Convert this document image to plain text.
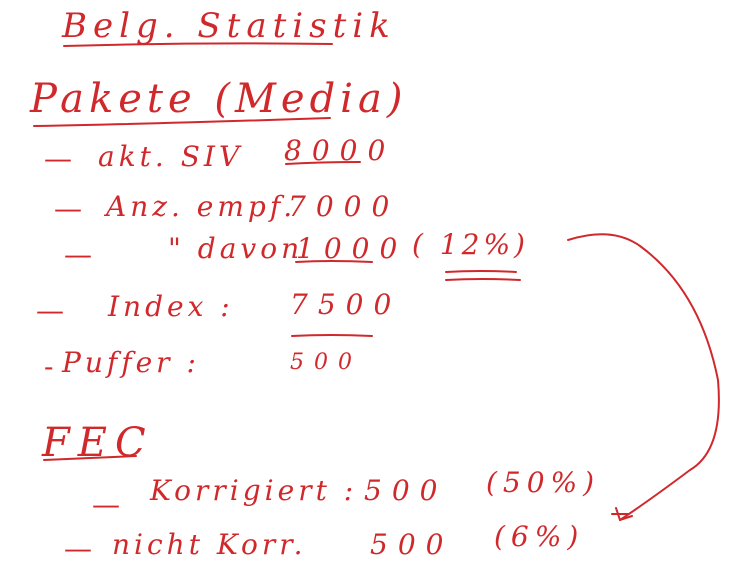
Belg. Statistik
Pakete (Media)
— akt. SIV 8000
— Anz. empf.
7000
—	" davon
1000 ( 12%)
— Index : 7500
- Puffer :	500
FEC
— Korrigiert : 500 (50%)
— nicht Korr. 500 (6%)
